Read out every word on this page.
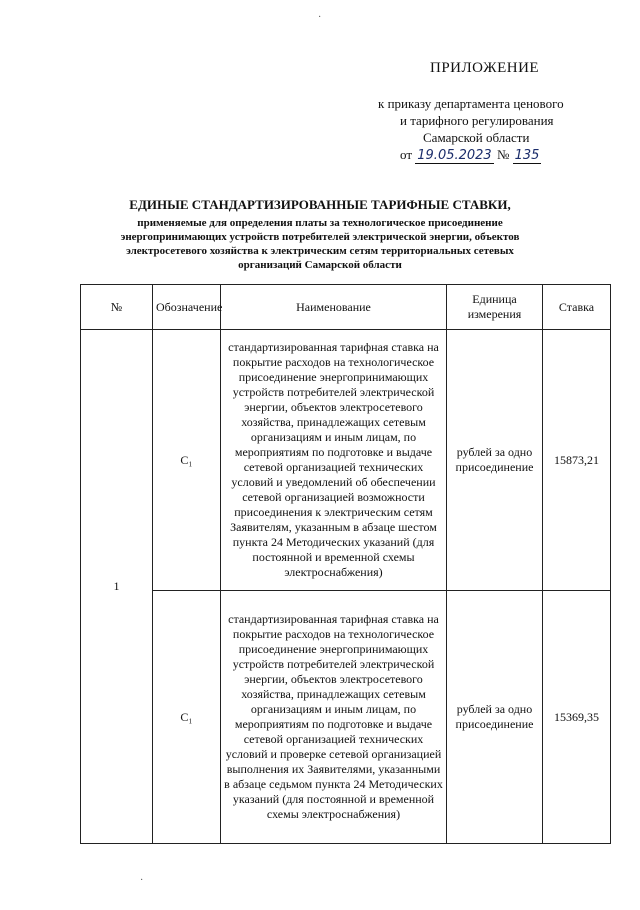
ПРИЛОЖЕНИЕ
к приказу департамента ценового
и тарифного регулирования
Самарской области
от 19.05.2023 № 135
ЕДИНЫЕ СТАНДАРТИЗИРОВАННЫЕ ТАРИФНЫЕ СТАВКИ,
применяемые для определения платы за технологическое присоединение
энергопринимающих устройств потребителей электрической энергии, объектов
электросетевого хозяйства к электрическим сетям территориальных сетевых
организаций Самарской области
№	Обозначение	Наименование	Единица измерения	Ставка
1	C₁	стандартизированная тарифная ставка на покрытие расходов на технологическое присоединение энергопринимающих устройств потребителей электрической энергии, объектов электросетевого хозяйства, принадлежащих сетевым организациям и иным лицам, по мероприятиям по подготовке и выдаче сетевой организацией технических условий и уведомлений об обеспечении сетевой организацией возможности присоединения к электрическим сетям Заявителям, указанным в абзаце шестом пункта 24 Методических указаний (для постоянной и временной схемы электроснабжения)	рублей за одно присоединение	15873,21
	C₁	стандартизированная тарифная ставка на покрытие расходов на технологическое присоединение энергопринимающих устройств потребителей электрической энергии, объектов электросетевого хозяйства, принадлежащих сетевым организациям и иным лицам, по мероприятиям по подготовке и выдаче сетевой организацией технических условий и проверке сетевой организацией выполнения их Заявителями, указанными в абзаце седьмом пункта 24 Методических указаний (для постоянной и временной схемы электроснабжения)	рублей за одно присоединение	15369,35
·
·
